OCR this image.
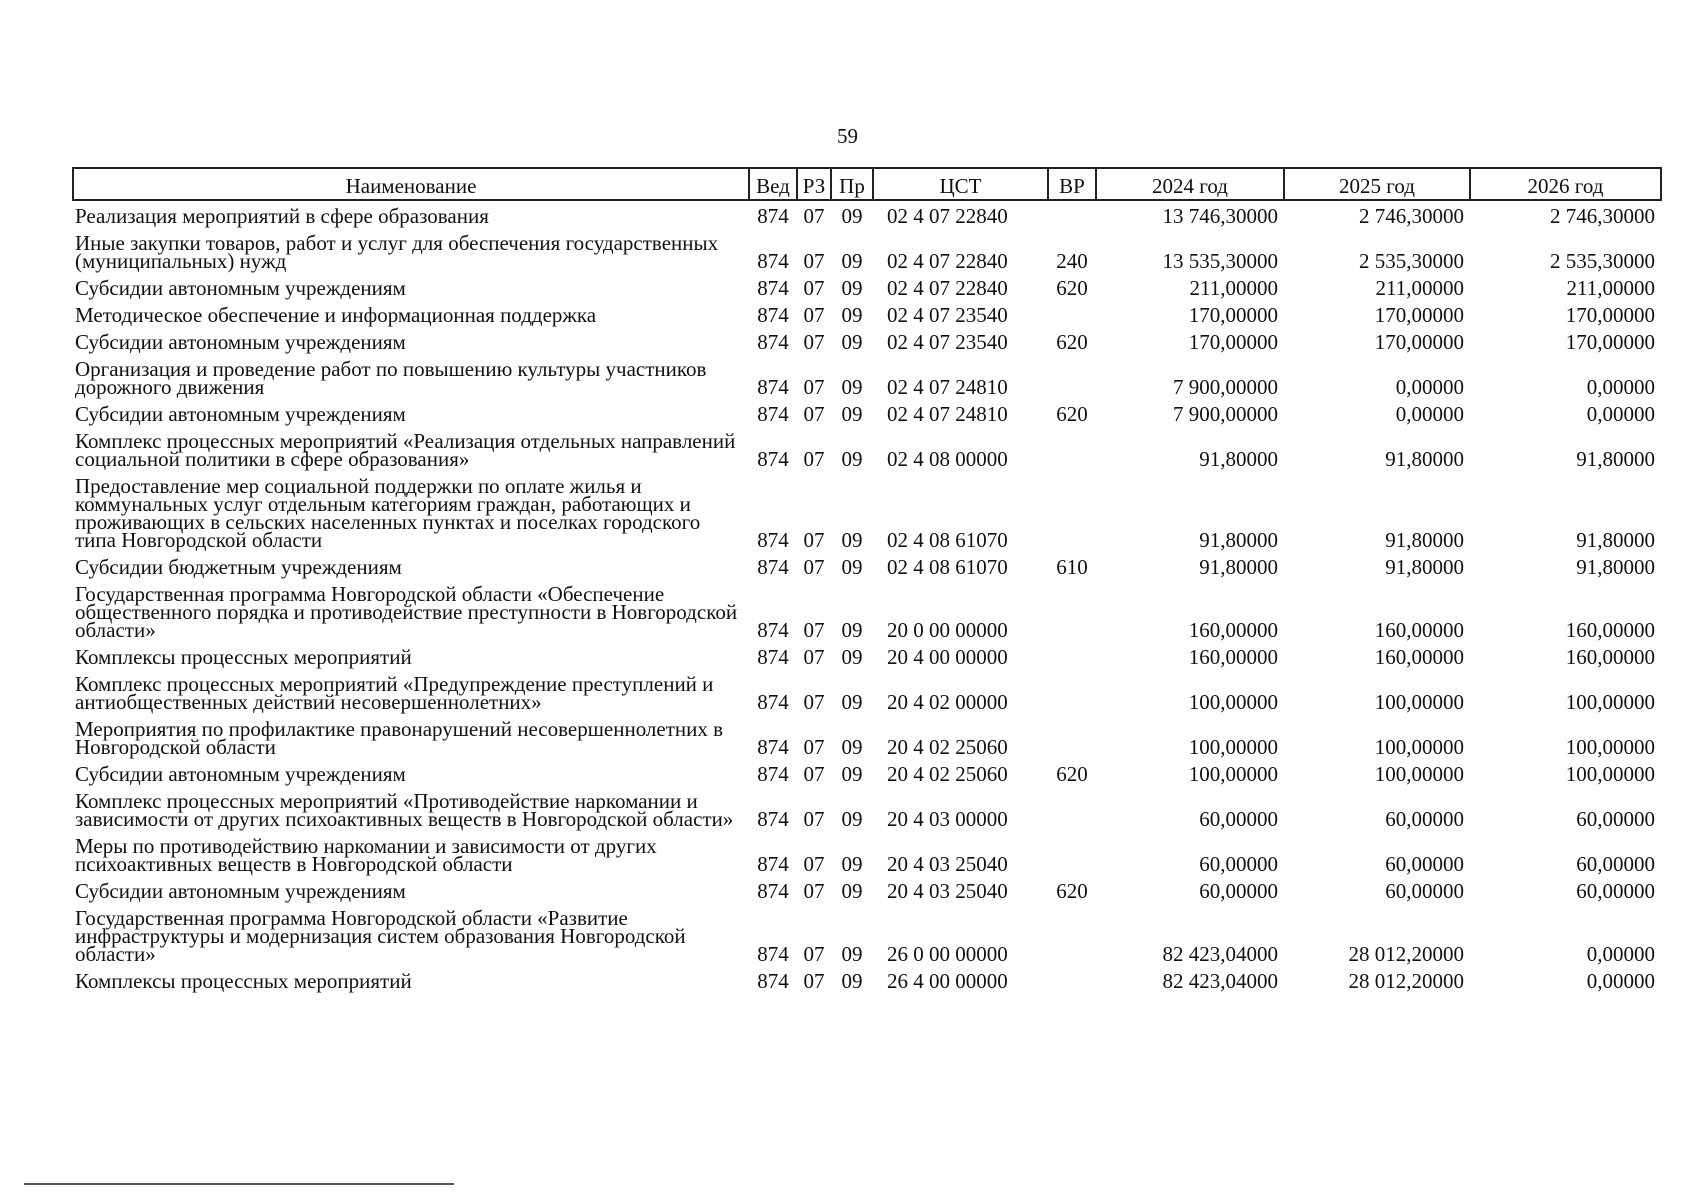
59
Наименование	Вед	РЗ	Пр	ЦСТ	ВР	2024 год	2025 год	2026 год
Реализация мероприятий в сфере образования	874	07	09	02 4 07 22840		13 746,30000	2 746,30000	2 746,30000
Иные закупки товаров, работ и услуг для обеспечения государственных (муниципальных) нужд	874	07	09	02 4 07 22840	240	13 535,30000	2 535,30000	2 535,30000
Субсидии автономным учреждениям	874	07	09	02 4 07 22840	620	211,00000	211,00000	211,00000
Методическое обеспечение и информационная поддержка	874	07	09	02 4 07 23540		170,00000	170,00000	170,00000
Субсидии автономным учреждениям	874	07	09	02 4 07 23540	620	170,00000	170,00000	170,00000
Организация и проведение работ по повышению культуры участников дорожного движения	874	07	09	02 4 07 24810		7 900,00000	0,00000	0,00000
Субсидии автономным учреждениям	874	07	09	02 4 07 24810	620	7 900,00000	0,00000	0,00000
Комплекс процессных мероприятий «Реализация отдельных направлений социальной политики в сфере образования»	874	07	09	02 4 08 00000		91,80000	91,80000	91,80000
Предоставление мер социальной поддержки по оплате жилья и коммунальных услуг отдельным категориям граждан, работающих и проживающих в сельских населенных пунктах и поселках городского типа Новгородской области	874	07	09	02 4 08 61070		91,80000	91,80000	91,80000
Субсидии бюджетным учреждениям	874	07	09	02 4 08 61070	610	91,80000	91,80000	91,80000
Государственная программа Новгородской области «Обеспечение общественного порядка и противодействие преступности в Новгородской области»	874	07	09	20 0 00 00000		160,00000	160,00000	160,00000
Комплексы процессных мероприятий	874	07	09	20 4 00 00000		160,00000	160,00000	160,00000
Комплекс процессных мероприятий «Предупреждение преступлений и антиобщественных действий несовершеннолетних»	874	07	09	20 4 02 00000		100,00000	100,00000	100,00000
Мероприятия по профилактике правонарушений несовершеннолетних в Новгородской области	874	07	09	20 4 02 25060		100,00000	100,00000	100,00000
Субсидии автономным учреждениям	874	07	09	20 4 02 25060	620	100,00000	100,00000	100,00000
Комплекс процессных мероприятий «Противодействие наркомании и зависимости от других психоактивных веществ в Новгородской области»	874	07	09	20 4 03 00000		60,00000	60,00000	60,00000
Меры по противодействию наркомании и зависимости от других психоактивных веществ в Новгородской области	874	07	09	20 4 03 25040		60,00000	60,00000	60,00000
Субсидии автономным учреждениям	874	07	09	20 4 03 25040	620	60,00000	60,00000	60,00000
Государственная программа Новгородской области «Развитие инфраструктуры и модернизация систем образования Новгородской области»	874	07	09	26 0 00 00000		82 423,04000	28 012,20000	0,00000
Комплексы процессных мероприятий	874	07	09	26 4 00 00000		82 423,04000	28 012,20000	0,00000
